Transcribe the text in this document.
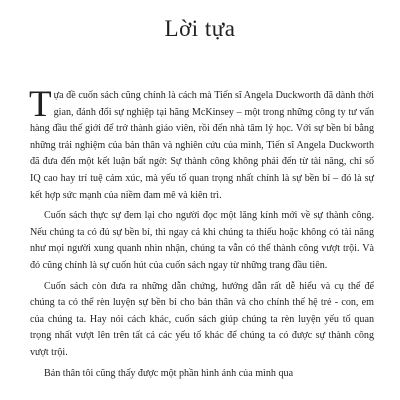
Lời tựa

Tựa đề cuốn sách cũng chính là cách mà Tiến sĩ Angela Duckworth đã dành thời gian, đánh đổi sự nghiệp tại hãng McKinsey – một trong những công ty tư vấn hàng đầu thế giới để trở thành giáo viên, rồi đến nhà tâm lý học. Với sự bền bỉ bằng những trải nghiệm của bản thân và nghiên cứu của mình, Tiến sĩ Angela Duckworth đã đưa đến một kết luận bất ngờ: Sự thành công không phải đến từ tài năng, chỉ số IQ cao hay trí tuệ cảm xúc, mà yếu tố quan trọng nhất chính là sự bền bỉ – đó là sự kết hợp sức mạnh của niềm đam mê và kiên trì.

Cuốn sách thực sự đem lại cho người đọc một lăng kính mới về sự thành công. Nếu chúng ta có đủ sự bền bỉ, thì ngay cả khi chúng ta thiếu hoặc không có tài năng như mọi người xung quanh nhìn nhận, chúng ta vẫn có thể thành công vượt trội. Và đó cũng chính là sự cuốn hút của cuốn sách ngay từ những trang đầu tiên.

Cuốn sách còn đưa ra những dẫn chứng, hướng dẫn rất dễ hiểu và cụ thể để chúng ta có thể rèn luyện sự bền bỉ cho bản thân và cho chính thế hệ trẻ - con, em của chúng ta. Hay nói cách khác, cuốn sách giúp chúng ta rèn luyện yếu tố quan trọng nhất vượt lên trên tất cả các yếu tố khác để chúng ta có được sự thành công vượt trội.

Bản thân tôi cũng thấy được một phần hình ảnh của mình qua
